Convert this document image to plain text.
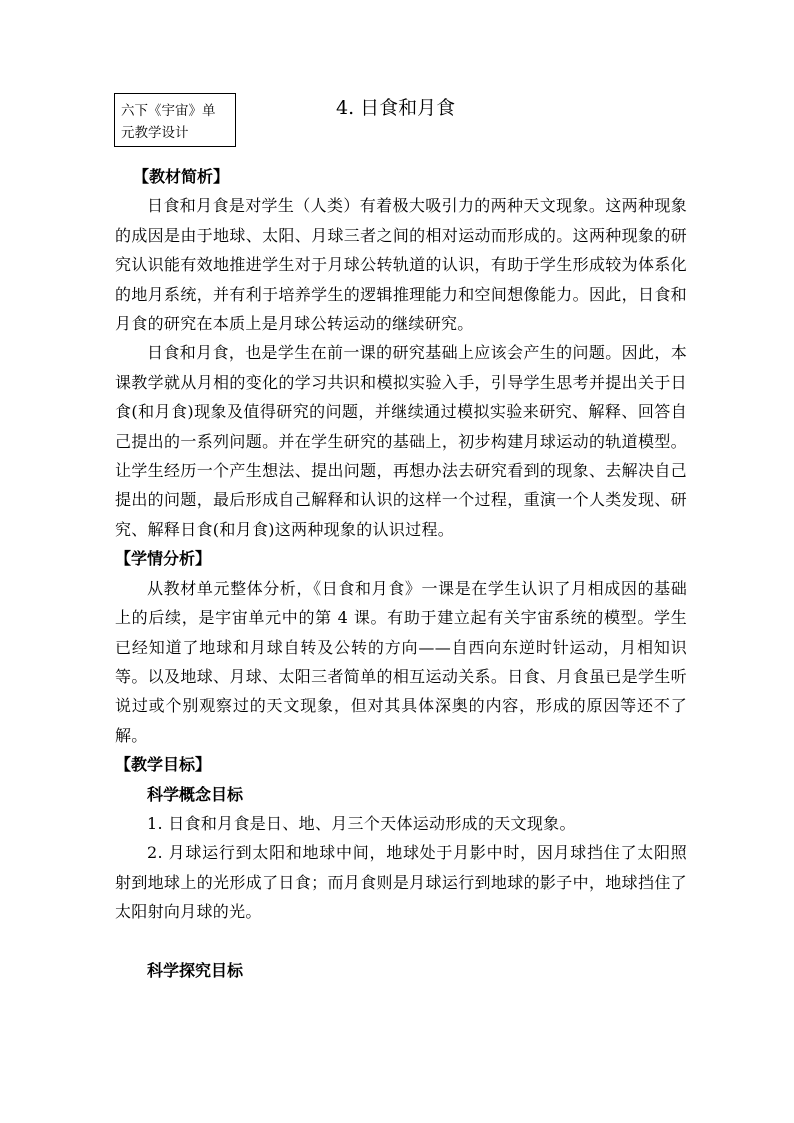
六下《宇宙》单
元教学设计
4. 日食和月食
【教材简析】

日食和月食是对学生（人类）有着极大吸引力的两种天文现象。这两种现象的成因是由于地球、太阳、月球三者之间的相对运动而形成的。这两种现象的研究认识能有效地推进学生对于月球公转轨道的认识，有助于学生形成较为体系化的地月系统，并有利于培养学生的逻辑推理能力和空间想像能力。因此，日食和月食的研究在本质上是月球公转运动的继续研究。

日食和月食，也是学生在前一课的研究基础上应该会产生的问题。因此，本课教学就从月相的变化的学习共识和模拟实验入手，引导学生思考并提出关于日食(和月食)现象及值得研究的问题，并继续通过模拟实验来研究、解释、回答自己提出的一系列问题。并在学生研究的基础上，初步构建月球运动的轨道模型。让学生经历一个产生想法、提出问题，再想办法去研究看到的现象、去解决自己提出的问题，最后形成自己解释和认识的这样一个过程，重演一个人类发现、研究、解释日食(和月食)这两种现象的认识过程。

【学情分析】

从教材单元整体分析，《日食和月食》一课是在学生认识了月相成因的基础上的后续，是宇宙单元中的第 4 课。有助于建立起有关宇宙系统的模型。学生已经知道了地球和月球自转及公转的方向——自西向东逆时针运动，月相知识等。以及地球、月球、太阳三者简单的相互运动关系。日食、月食虽已是学生听说过或个别观察过的天文现象，但对其具体深奥的内容，形成的原因等还不了解。

【教学目标】
科学概念目标

1. 日食和月食是日、地、月三个天体运动形成的天文现象。

2. 月球运行到太阳和地球中间，地球处于月影中时，因月球挡住了太阳照射到地球上的光形成了日食；而月食则是月球运行到地球的影子中，地球挡住了太阳射向月球的光。

科学探究目标
